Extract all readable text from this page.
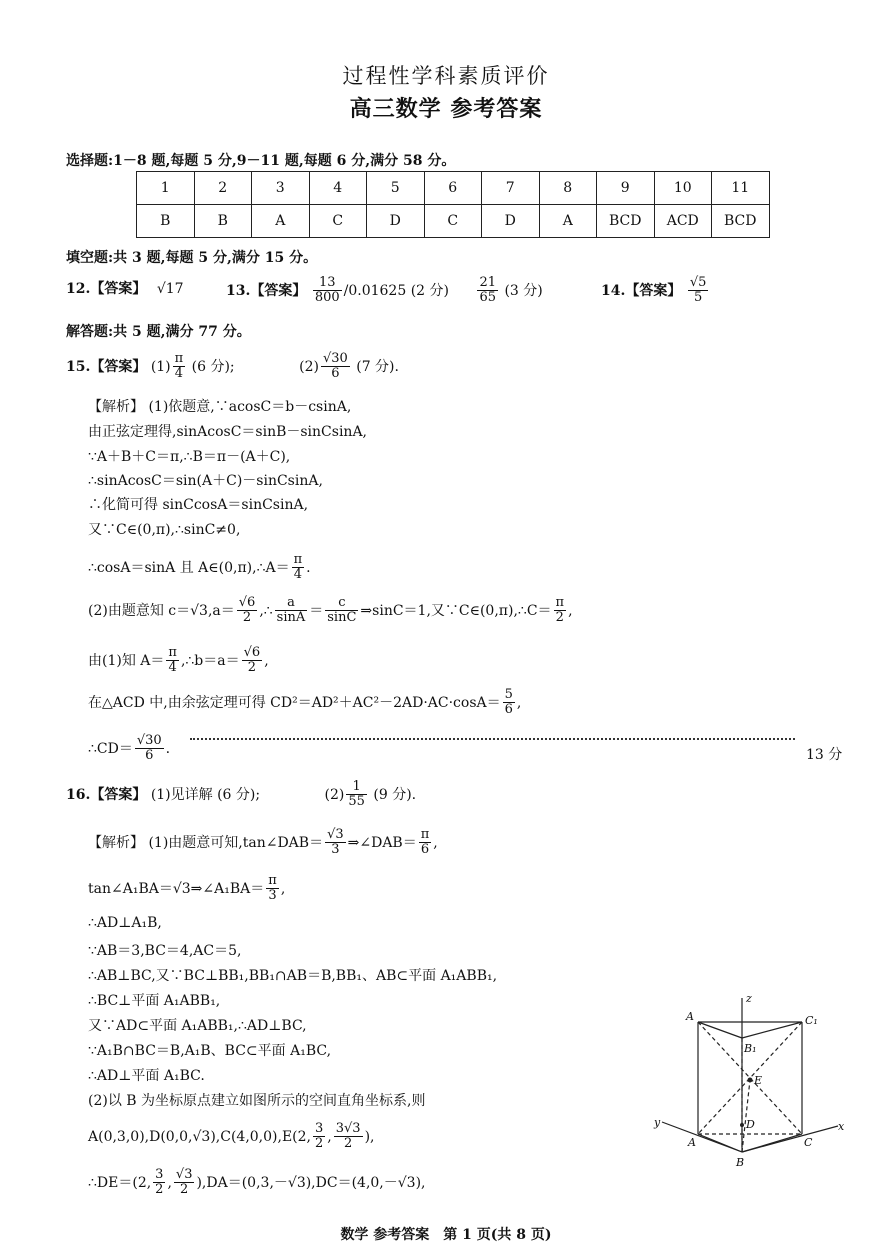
过程性学科素质评价
高三数学 参考答案
选择题:1－8 题,每题 5 分,9－11 题,每题 6 分,满分 58 分。
1	2	3	4	5	6	7	8	9	10	11
B	B	A	C	D	C	D	A	BCD	ACD	BCD
填空题:共 3 题,每题 5 分,满分 15 分。
12.【答案】 √17	13.【答案】 $\frac{13}{800} /0.01625$ (2 分) $\frac{21}{65} (3$ 分)	14.【答案】 $\frac{√5}{5}$
解答题:共 5 题,满分 77 分。
15.【答案】 $(1) \frac{\pi}{4} (6$ 分);	$(2) \frac{√30}{6} (7$ 分).
【解析】 (1)依题意,∵acosC＝b－csinA,
由正弦定理得,sinAcosC＝sinB－sinCsinA,
∵A＋B＋C＝π,∴B＝π－(A＋C),
∴sinAcosC＝sin(A＋C)－sinCsinA,
∴化简可得 sinCcosA＝sinCsinA,
又∵C∈(0,π),∴sinC≠0,
∴cosA＝sinA 且 A∈(0,π),∴A＝ $\frac{\pi}{4}$ .
(2)由题意知 $c=√3,a= \frac{√6}{2}$ ,∴ $\frac{a}{\sin A} = \frac{c}{\sin C}$ ⇒sinC＝1,又∵C∈(0,π),∴C＝ $\frac{\pi}{2}$ ,
由(1)知 $A= \frac{\pi}{4}$ ,∴b＝a＝ $\frac{√6}{2}$ ,
在△ACD 中,由余弦定理可得 $CD^2=AD^2+AC^2-2AD\cdot AC\cdot\cos A= \frac{5}{6}$ ,
∴CD＝ $\frac{√30}{6}$ .	13 分
16.【答案】 (1)见详解 (6 分);	$(2) \frac{1}{55} (9$ 分).
【解析】 (1)由题意可知,tan∠DAB＝ $\frac{√3}{3}$ ⇒∠DAB＝ $\frac{\pi}{6}$ ,
tan∠A₁BA＝√3⇒∠A₁BA＝ $\frac{\pi}{3}$ ,
∴AD⊥A₁B,
∵AB＝3,BC＝4,AC＝5,
∴AB⊥BC,又∵BC⊥BB₁,BB₁∩AB＝B,BB₁、AB⊂平面 A₁ABB₁,
∴BC⊥平面 A₁ABB₁,
又∵AD⊂平面 A₁ABB₁,∴AD⊥BC,
∵A₁B∩BC＝B,A₁B、BC⊂平面 A₁BC,
∴AD⊥平面 A₁BC.
(2)以 B 为坐标原点建立如图所示的空间直角坐标系,则
A(0,3,0),D(0,0,√3),C(4,0,0),E(2, $\frac{3}{2}$ , $\frac{3√3}{2}$ ),
∴DE＝(2, $\frac{3}{2}$ , $\frac{√3}{2} ),DA=(0,3,-√3),DC=(4,0,-√3)$,
A	C₁
B₁
E
D
A
B
C
x
y
z
数学 参考答案　第 1 页(共 8 页)
